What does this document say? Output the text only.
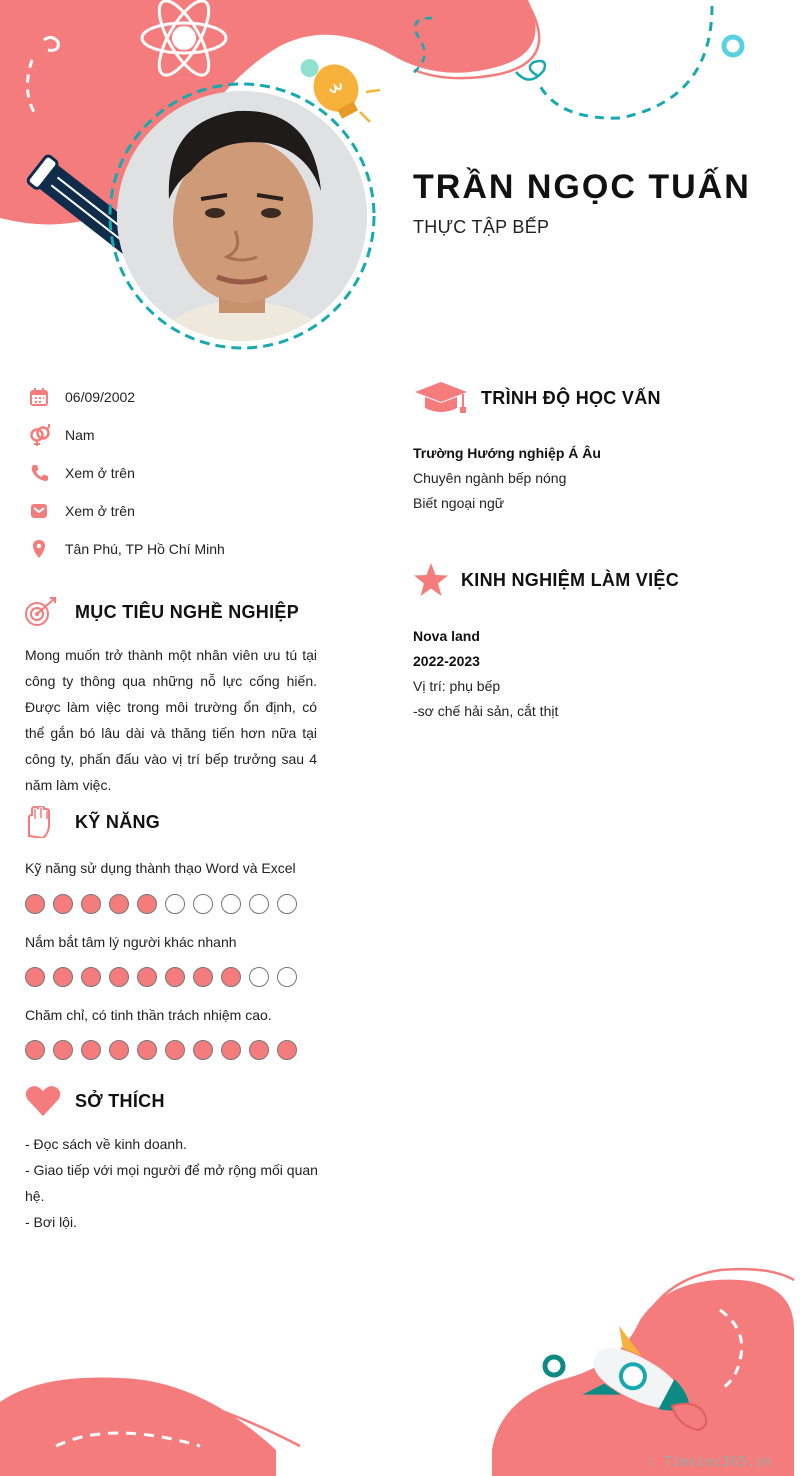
TRẦN NGỌC TUẤN
THỰC TẬP BẾP
06/09/2002
Nam
Xem ở trên
Xem ở trên
Tân Phú, TP Hồ Chí Minh
MỤC TIÊU NGHỀ NGHIỆP
Mong muốn trở thành một nhân viên ưu tú tại công ty thông qua những nỗ lực cống hiến. Được làm việc trong môi trường ổn định, có thể gắn bó lâu dài và thăng tiến hơn nữa tại công ty, phấn đấu vào vị trí bếp trưởng sau 4 năm làm việc.
KỸ NĂNG
Kỹ năng sử dụng thành thạo Word và Excel
Nắm bắt tâm lý người khác nhanh
Chăm chỉ, có tinh thần trách nhiệm cao.
SỞ THÍCH
- Đọc sách về kinh doanh.
- Giao tiếp với mọi người để mở rộng mối quan hệ.
- Bơi lội.
TRÌNH ĐỘ HỌC VẤN
Trường Hướng nghiệp Á Âu
Chuyên ngành bếp nóng
Biết ngoại ngữ
KINH NGHIỆM LÀM VIỆC
Nova land
2022-2023
Vị trí: phụ bếp
-sơ chế hải sản, cắt thịt
∴ Timviec365.vn
